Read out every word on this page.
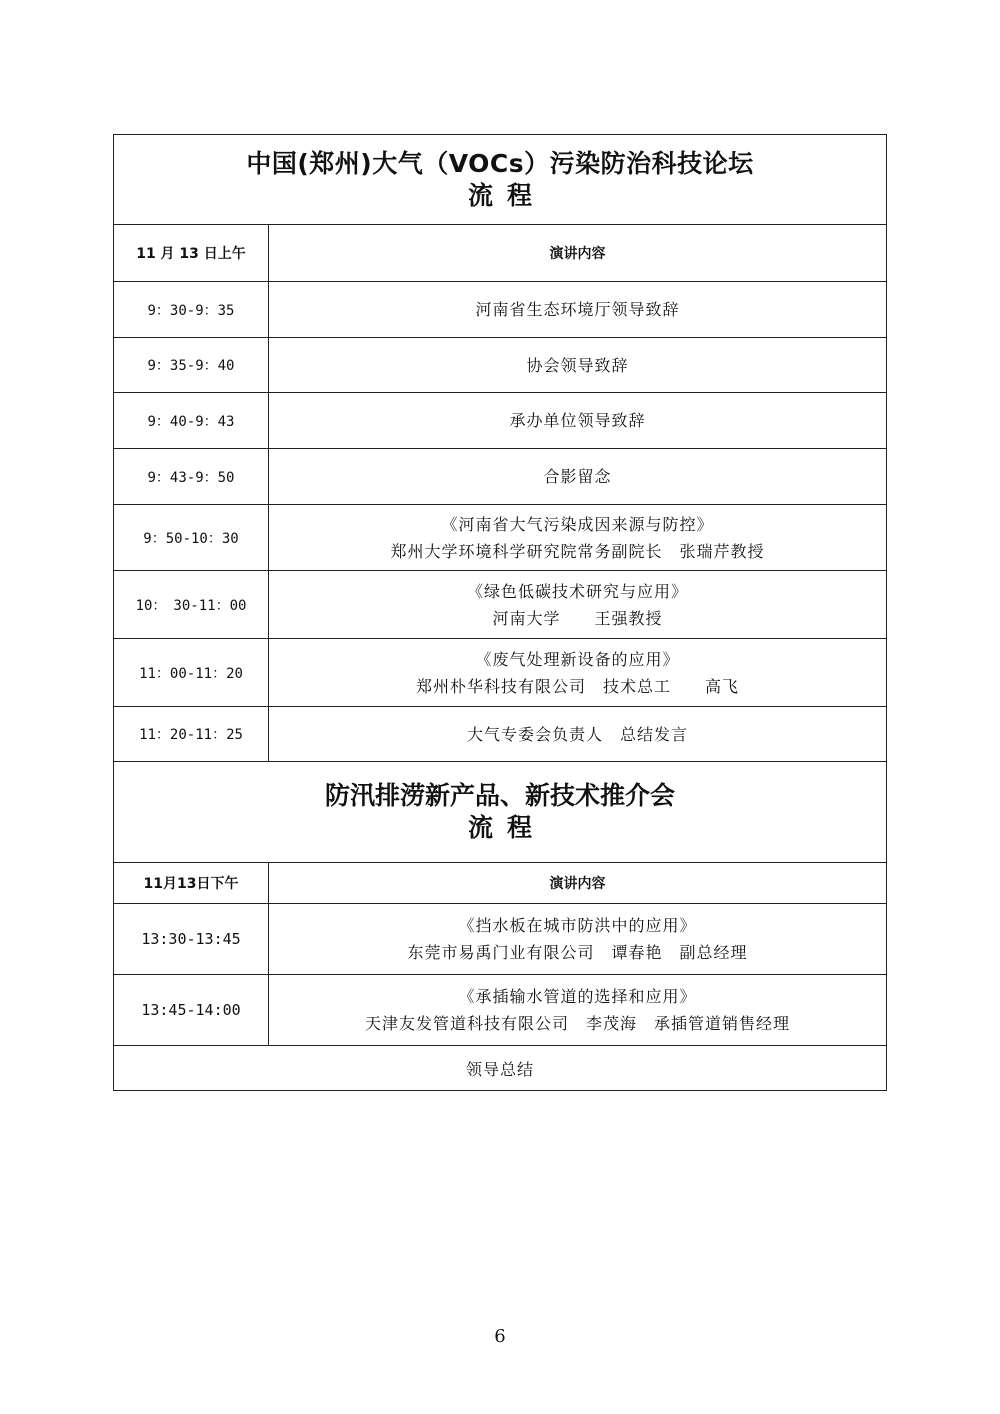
中国(郑州)大气（VOCs）污染防治科技论坛
流程	

11 月 13 日上午	演讲内容
9：30-9：35	河南省生态环境厅领导致辞

9：35-9：40	协会领导致辞

9：40-9：43	承办单位领导致辞

9：43-9：50	合影留念

9：50-10：30	《河南省大气污染成因来源与防控》
郑州大学环境科学研究院常务副院长　张瑞芹教授

10：　30-11：00	《绿色低碳技术研究与应用》
河南大学　　王强教授

11：00-11：20	《废气处理新设备的应用》
郑州朴华科技有限公司　技术总工　　高飞

11：20-11：25	大气专委会负责人　总结发言

防汛排涝新产品、新技术推介会
流程	

11月13日下午	演讲内容
13:30-13:45	《挡水板在城市防洪中的应用》
东莞市易禹门业有限公司　谭春艳　副总经理

13:45-14:00	《承插输水管道的选择和应用》
天津友发管道科技有限公司　李茂海　承插管道销售经理

领导总结	
6
